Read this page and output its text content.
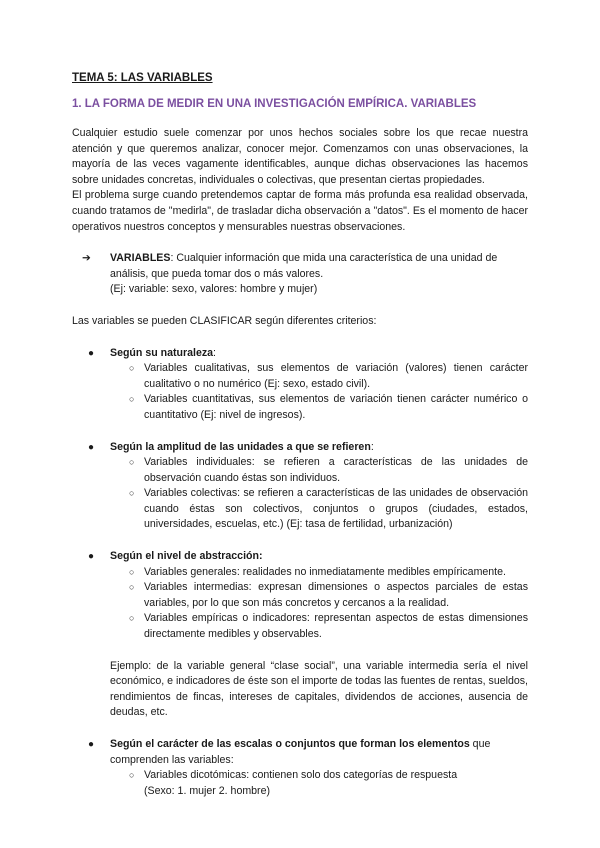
TEMA 5: LAS VARIABLES
1. LA FORMA DE MEDIR EN UNA INVESTIGACIÓN EMPÍRICA. VARIABLES

Cualquier estudio suele comenzar por unos hechos sociales sobre los que recae nuestra atención y que queremos analizar, conocer mejor. Comenzamos con unas observaciones, la mayoría de las veces vagamente identificables, aunque dichas observaciones las hacemos sobre unidades concretas, individuales o colectivas, que presentan ciertas propiedades.

El problema surge cuando pretendemos captar de forma más profunda esa realidad observada, cuando tratamos de "medirla", de trasladar dicha observación a "datos". Es el momento de hacer operativos nuestros conceptos y mensurables nuestras observaciones.

➔ VARIABLES: Cualquier información que mida una característica de una unidad de análisis, que pueda tomar dos o más valores.

(Ej: variable: sexo, valores: hombre y mujer)

Las variables se pueden CLASIFICAR según diferentes criterios:

● Según su naturaleza:
○ Variables cualitativas, sus elementos de variación (valores) tienen carácter cualitativo o no numérico (Ej: sexo, estado civil).

○ Variables cuantitativas, sus elementos de variación tienen carácter numérico o cuantitativo (Ej: nivel de ingresos).

● Según la amplitud de las unidades a que se refieren:
○ Variables individuales: se refieren a características de las unidades de observación cuando éstas son individuos.

○ Variables colectivas: se refieren a características de las unidades de observación cuando éstas son colectivos, conjuntos o grupos (ciudades, estados, universidades, escuelas, etc.) (Ej: tasa de fertilidad, urbanización)

● Según el nivel de abstracción:
○ Variables generales: realidades no inmediatamente medibles empíricamente.

○ Variables intermedias: expresan dimensiones o aspectos parciales de estas variables, por lo que son más concretos y cercanos a la realidad.

○ Variables empíricas o indicadores: representan aspectos de estas dimensiones directamente medibles y observables.

Ejemplo: de la variable general “clase social”, una variable intermedia sería el nivel económico, e indicadores de éste son el importe de todas las fuentes de rentas, sueldos, rendimientos de fincas, intereses de capitales, dividendos de acciones, ausencia de deudas, etc.

● Según el carácter de las escalas o conjuntos que forman los elementos que comprenden las variables:
○ Variables dicotómicas: contienen solo dos categorías de respuesta

(Sexo: 1. mujer 2. hombre)
